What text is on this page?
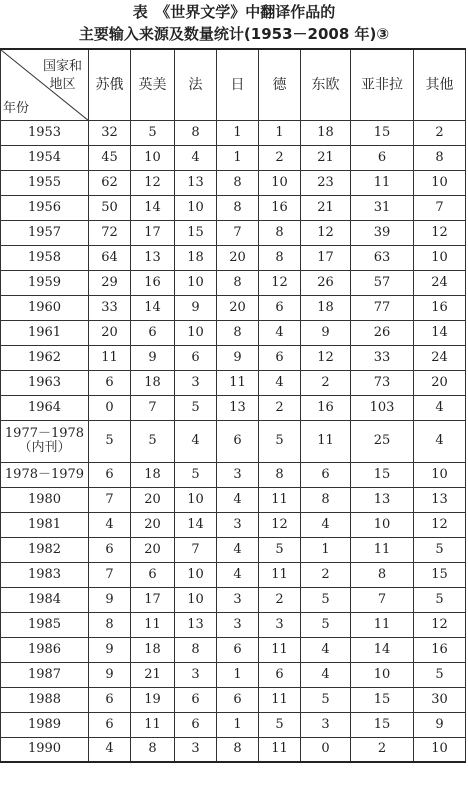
表　《世界文学》中翻译作品的
主要输入来源及数量统计(1953－2008 年)③
国家和
地区
年份	苏俄	英美	法	日	德	东欧	亚非拉	其他
1953	32	5	8	1	1	18	15	2
1954	45	10	4	1	2	21	6	8
1955	62	12	13	8	10	23	11	10
1956	50	14	10	8	16	21	31	7
1957	72	17	15	7	8	12	39	12
1958	64	13	18	20	8	17	63	10
1959	29	16	10	8	12	26	57	24
1960	33	14	9	20	6	18	77	16
1961	20	6	10	8	4	9	26	14
1962	11	9	6	9	6	12	33	24
1963	6	18	3	11	4	2	73	20
1964	0	7	5	13	2	16	103	4
1977－1978
（内刊）	5	5	4	6	5	11	25	4
1978－1979	6	18	5	3	8	6	15	10
1980	7	20	10	4	11	8	13	13
1981	4	20	14	3	12	4	10	12
1982	6	20	7	4	5	1	11	5
1983	7	6	10	4	11	2	8	15
1984	9	17	10	3	2	5	7	5
1985	8	11	13	3	3	5	11	12
1986	9	18	8	6	11	4	14	16
1987	9	21	3	1	6	4	10	5
1988	6	19	6	6	11	5	15	30
1989	6	11	6	1	5	3	15	9
1990	4	8	3	8	11	0	2	10
